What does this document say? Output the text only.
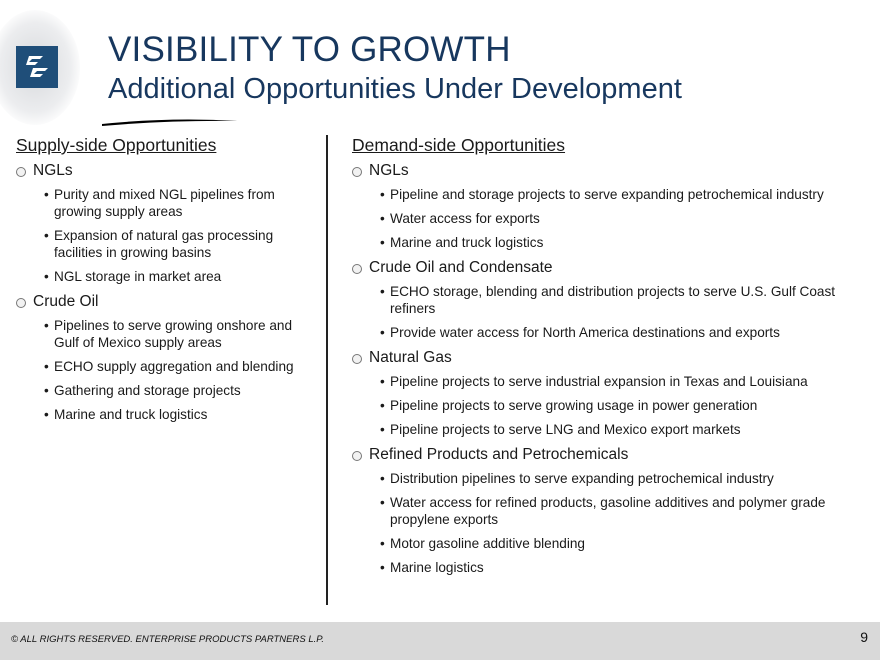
VISIBILITY TO GROWTH
Additional Opportunities Under Development
Supply-side Opportunities
NGLs
• Purity and mixed NGL pipelines from growing supply areas
• Expansion of natural gas processing facilities in growing basins
• NGL storage in market area
Crude Oil
• Pipelines to serve growing onshore and Gulf of Mexico supply areas
• ECHO supply aggregation and blending
• Gathering and storage projects
• Marine and truck logistics
Demand-side Opportunities
NGLs
• Pipeline and storage projects to serve expanding petrochemical industry
• Water access for exports
• Marine and truck logistics
Crude Oil and Condensate
• ECHO storage, blending and distribution projects to serve U.S. Gulf Coast refiners
• Provide water access for North America destinations and exports
Natural Gas
• Pipeline projects to serve industrial expansion in Texas and Louisiana
• Pipeline projects to serve growing usage in power generation
• Pipeline projects to serve LNG and Mexico export markets
Refined Products and Petrochemicals
• Distribution pipelines to serve expanding petrochemical industry
• Water access for refined products, gasoline additives and polymer grade propylene exports
• Motor gasoline additive blending
• Marine logistics
© ALL RIGHTS RESERVED. ENTERPRISE PRODUCTS PARTNERS L.P.	9
